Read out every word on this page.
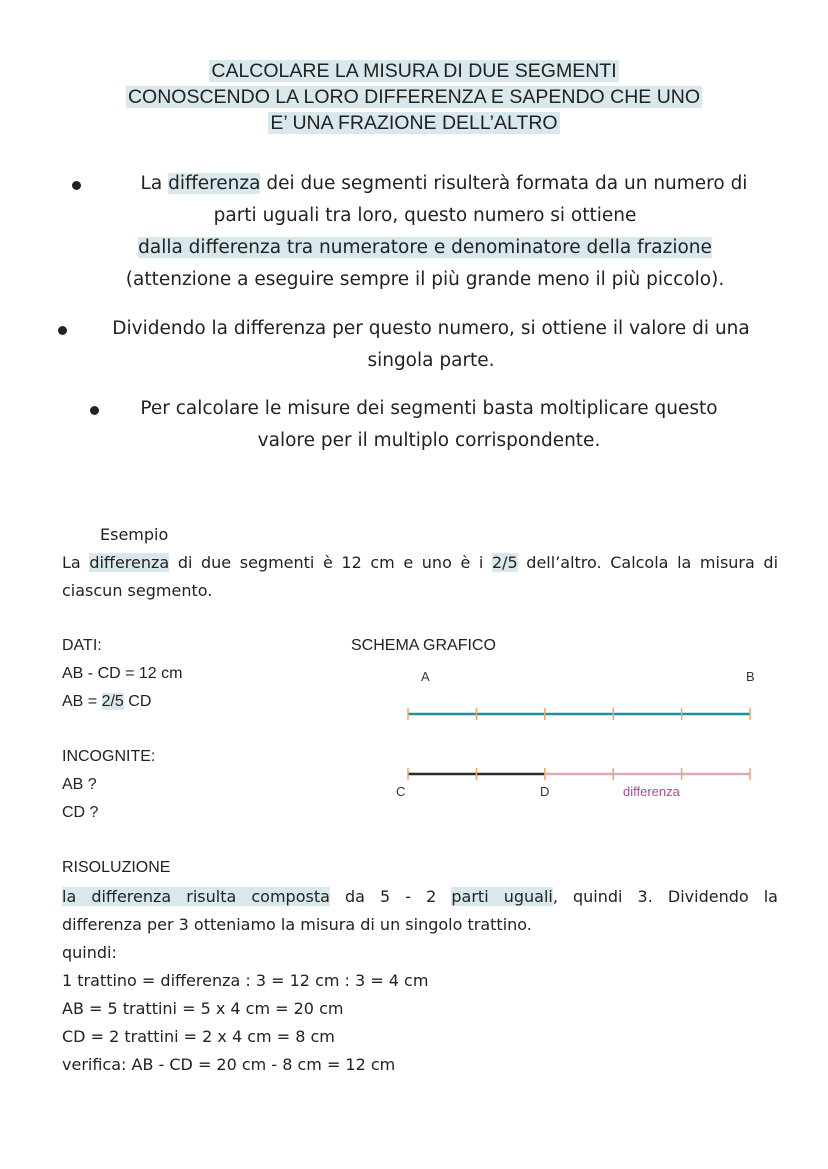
CALCOLARE LA MISURA DI DUE SEGMENTI
CONOSCENDO LA LORO DIFFERENZA E SAPENDO CHE UNO
E’ UNA FRAZIONE DELL’ALTRO
La differenza dei due segmenti risulterà formata da un numero di
parti uguali tra loro, questo numero si ottiene
dalla differenza tra numeratore e denominatore della frazione
(attenzione a eseguire sempre il più grande meno il più piccolo).
Dividendo la differenza per questo numero, si ottiene il valore di una
singola parte.
Per calcolare le misure dei segmenti basta moltiplicare questo
valore per il multiplo corrispondente.
Esempio
La differenza di due segmenti è 12 cm e uno è i 2/5 dell’altro. Calcola la misura di
ciascun segmento.
DATI:
AB - CD = 12 cm
AB = 2/5 CD
INCOGNITE:
AB ?
CD ?
SCHEMA GRAFICO
A	B
C	D	differenza
RISOLUZIONE
la differenza risulta composta da 5 - 2 parti uguali, quindi 3. Dividendo la
differenza per 3 otteniamo la misura di un singolo trattino.
quindi:
1 trattino = differenza : 3 = 12 cm : 3 = 4 cm
AB = 5 trattini = 5 x 4 cm = 20 cm
CD = 2 trattini = 2 x 4 cm = 8 cm
verifica: AB - CD = 20 cm - 8 cm = 12 cm
